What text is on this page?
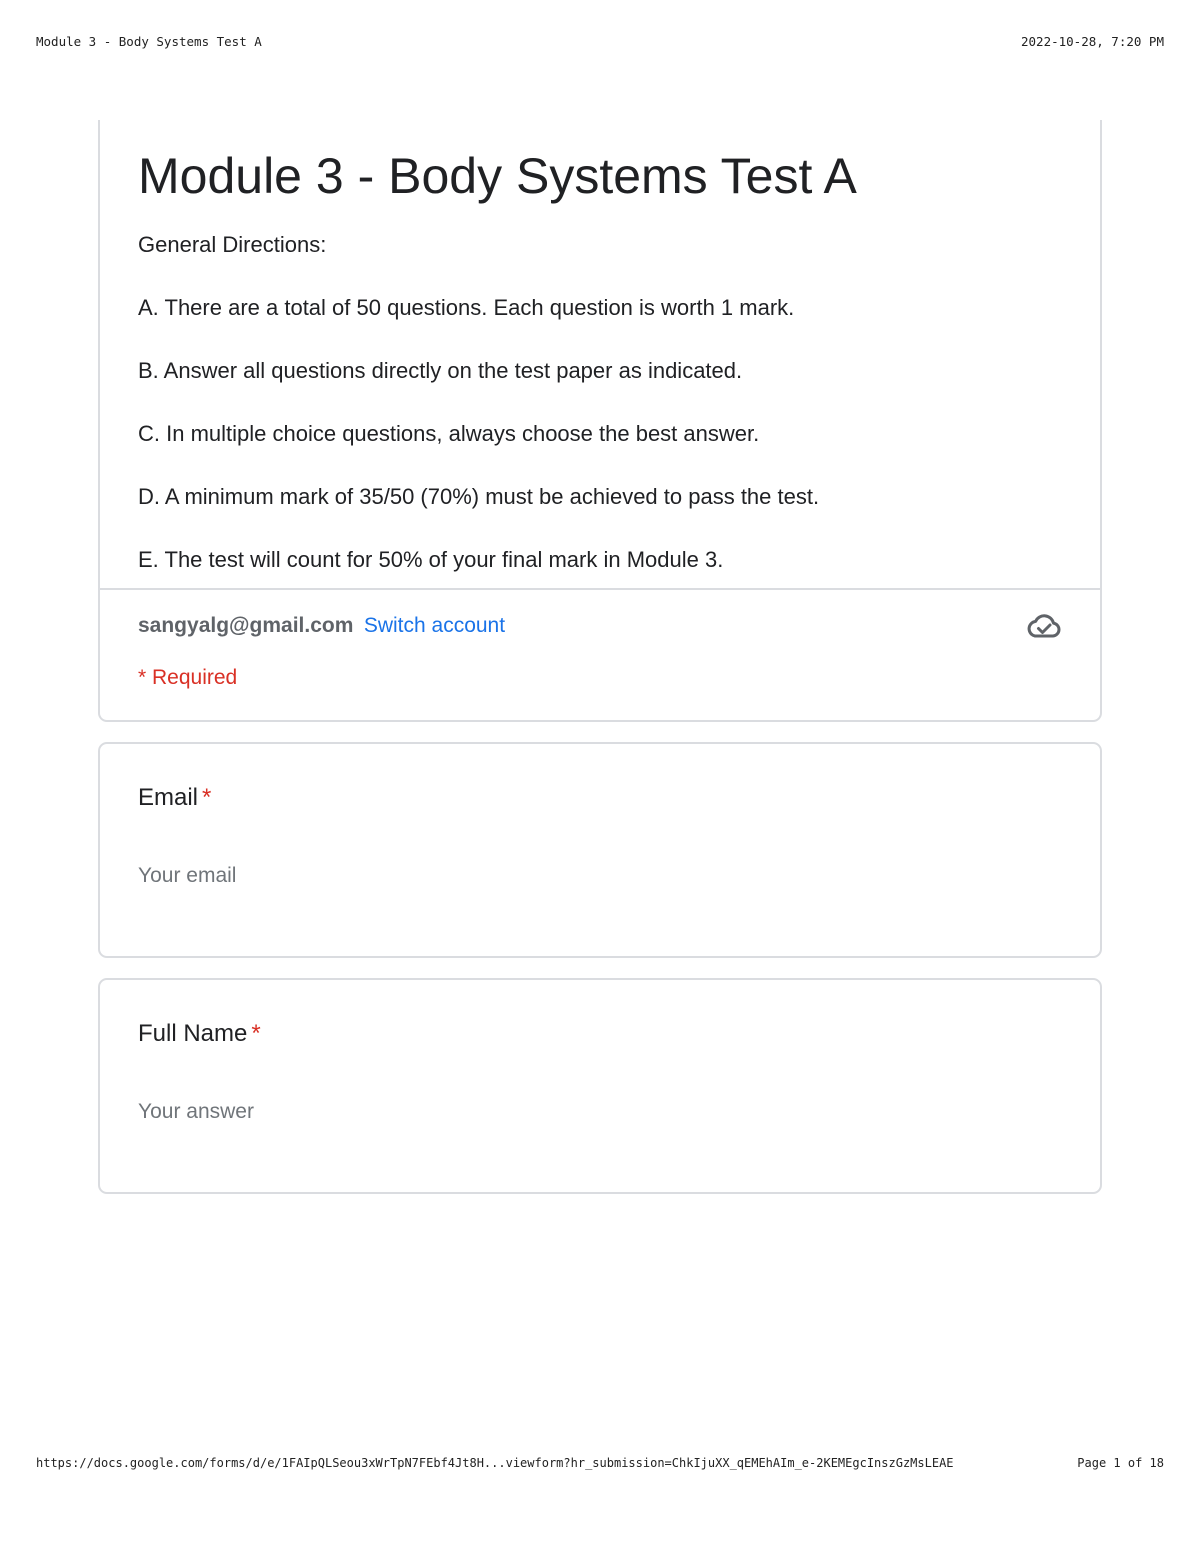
Module 3 - Body Systems Test A	2022-10-28, 7:20 PM
Module 3 - Body Systems Test A

General Directions:

A. There are a total of 50 questions. Each question is worth 1 mark.

B. Answer all questions directly on the test paper as indicated.

C. In multiple choice questions, always choose the best answer.

D. A minimum mark of 35/50 (70%) must be achieved to pass the test.

E. The test will count for 50% of your final mark in Module 3.

sangyalg@gmail.com Switch account
* Required
Email *
Your email
Full Name *
Your answer
https://docs.google.com/forms/d/e/1FAIpQLSeou3xWrTpN7FEbf4Jt8H...viewform?hr_submission=ChkIjuXX_qEMEhAIm_e-2KEMEgcInszGzMsLEAE	Page 1 of 18
